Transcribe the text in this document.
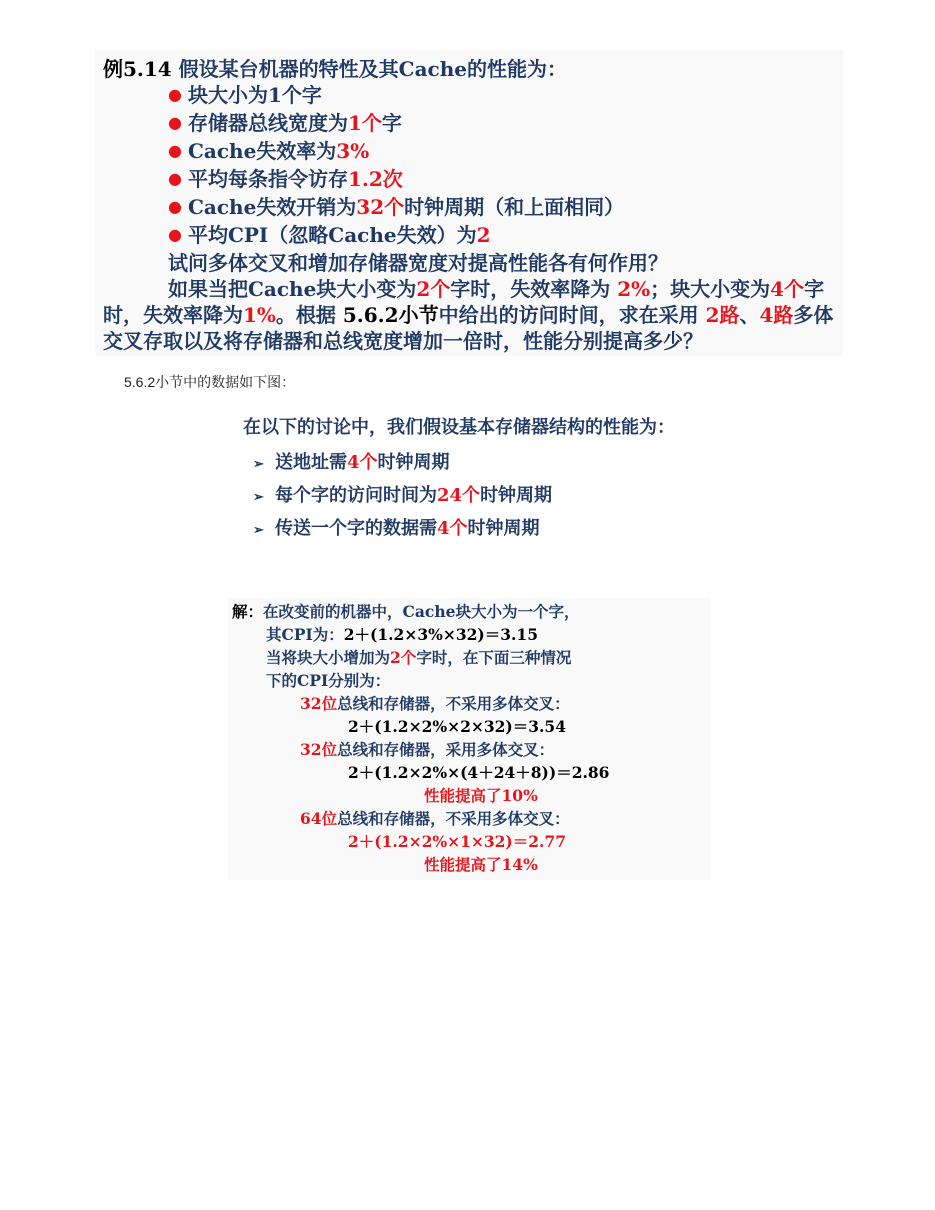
例5.14 假设某台机器的特性及其Cache的性能为：
● 块大小为1个字
● 存储器总线宽度为1个字
● Cache失效率为3%
● 平均每条指令访存1.2次
● Cache失效开销为32个时钟周期（和上面相同）
● 平均CPI（忽略Cache失效）为2
试问多体交叉和增加存储器宽度对提高性能各有何作用？
如果当把Cache块大小变为2个字时，失效率降为 2%；块大小变为4个字时，失效率降为1%。根据 5.6.2小节中给出的访问时间，求在采用 2路、4路多体交叉存取以及将存储器和总线宽度增加一倍时，性能分别提高多少？
5.6.2小节中的数据如下图：
在以下的讨论中，我们假设基本存储器结构的性能为：
➢ 送地址需4个时钟周期
➢ 每个字的访问时间为24个时钟周期
➢ 传送一个字的数据需4个时钟周期
解：在改变前的机器中，Cache块大小为一个字，
其CPI为：2＋(1.2×3%×32)＝3.15
当将块大小增加为2个字时，在下面三种情况
下的CPI分别为：
32位总线和存储器，不采用多体交叉：
2＋(1.2×2%×2×32)＝3.54
32位总线和存储器，采用多体交叉：
2＋(1.2×2%×(4＋24＋8))＝2.86
性能提高了10%
64位总线和存储器，不采用多体交叉：
2＋(1.2×2%×1×32)＝2.77
性能提高了14%
